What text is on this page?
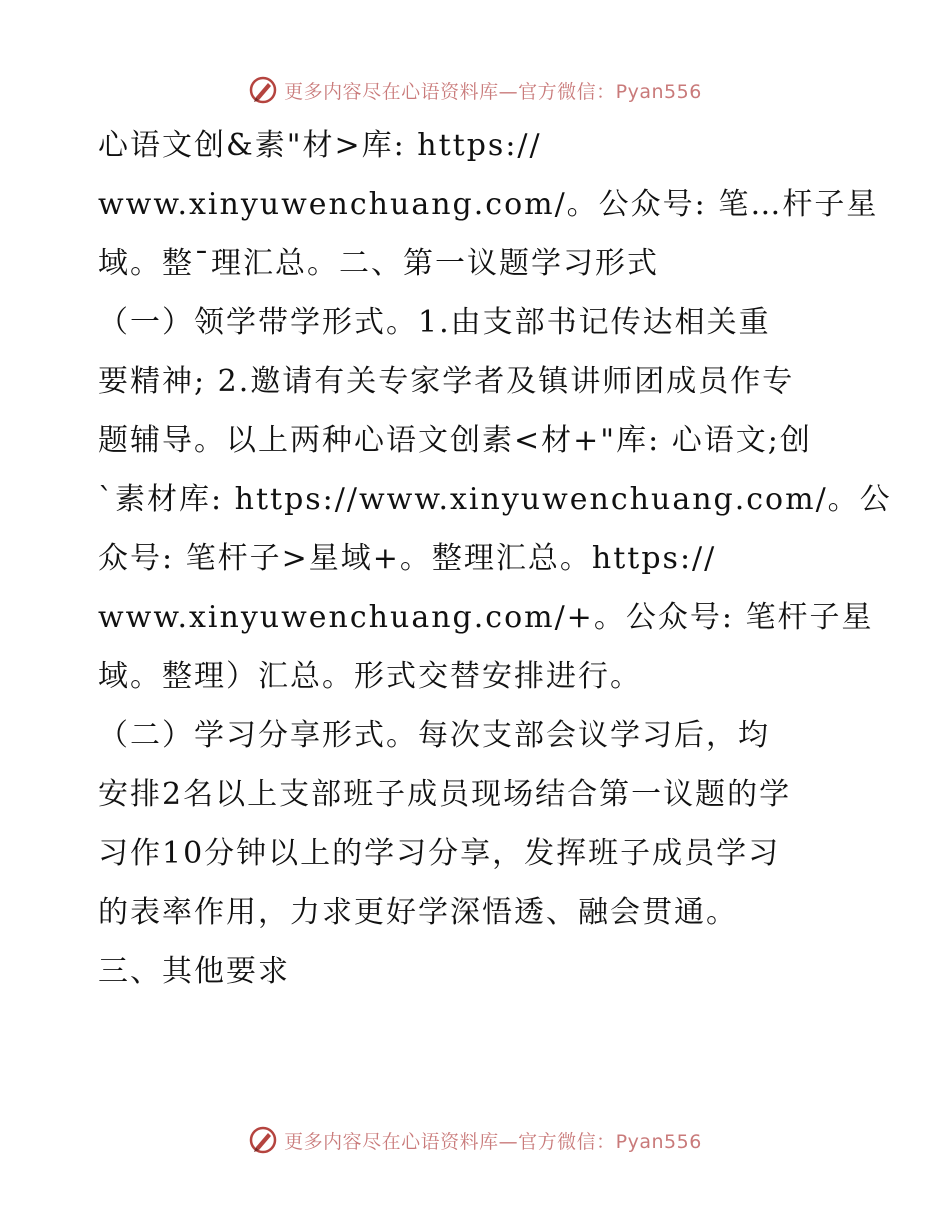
更多内容尽在心语资料库—官方微信：Pyan556
心语文创&素"材>库: https://
www.xinyuwenchuang.com/。公众号: 笔…杆子星
域。整¯理汇总。二、第一议题学习形式
（一）领学带学形式。1.由支部书记传达相关重
要精神; 2.邀请有关专家学者及镇讲师团成员作专
题辅导。以上两种心语文创素<材+"库: 心语文;创
`素材库: https://www.xinyuwenchuang.com/。公
众号: 笔杆子>星域+。整理汇总。https://
www.xinyuwenchuang.com/+。公众号: 笔杆子星
域。整理）汇总。形式交替安排进行。
（二）学习分享形式。每次支部会议学习后，均
安排2名以上支部班子成员现场结合第一议题的学
习作10分钟以上的学习分享，发挥班子成员学习
的表率作用，力求更好学深悟透、融会贯通。
三、其他要求
更多内容尽在心语资料库—官方微信：Pyan556
